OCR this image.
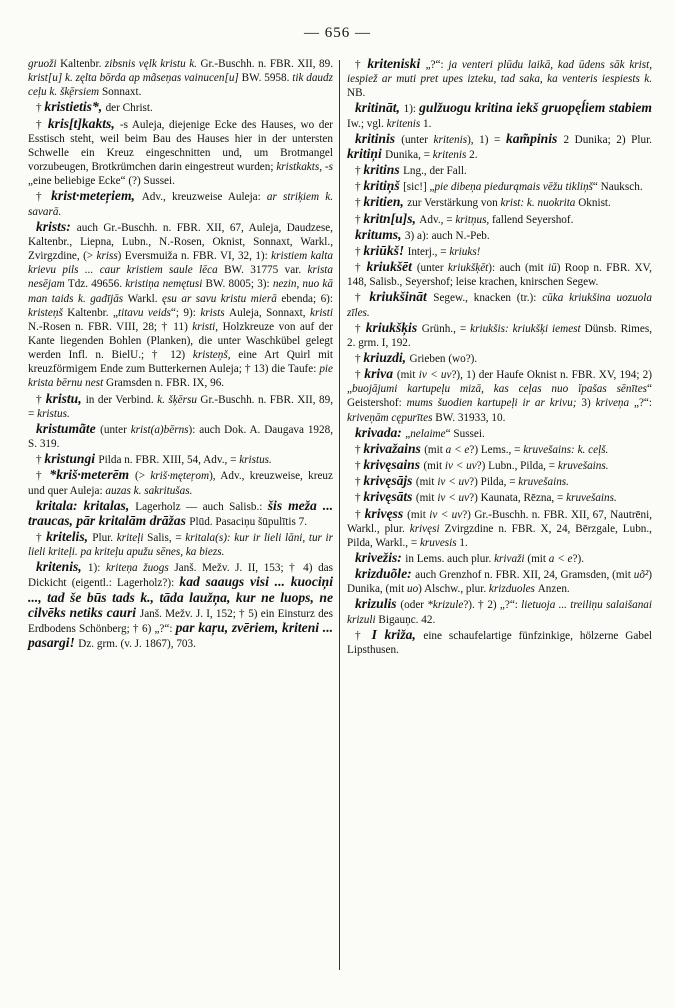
— 656 —

gruoži Kaltenbr. zibsnis vęlk kristu k. Gr.-Buschh. n. FBR. XII, 89. krist[u] k. zęlta bōrda ap mãseņas vainucen[u] BW. 5958. tik daudz ceļu k. šk̦ērsiem Sonnaxt.

† kristietis*, der Christ.

† kris[t]kakts, -s Auleja, diejenige Ecke des Hauses, wo der Esstisch steht, weil beim Bau des Hauses hier in der untersten Schwelle ein Kreuz eingeschnitten und, um Brotmangel vorzubeugen, Brotkrümchen darin eingestreut wurden; kristkakts, -s „eine beliebige Ecke“ (?) Sussei.

† krist·meteŗiem, Adv., kreuzweise Auleja: ar striķiem k. savarā.

krists: auch Gr.-Buschh. n. FBR. XII, 67, Auleja, Daudzese, Kaltenbr., Liepna, Lubn., N.-Rosen, Oknist, Sonnaxt, Warkl., Zvirgzdine, (> kriss) Eversmuiža n. FBR. VI, 32, 1): kristiem kalta krievu pils ... caur kristiem saule lēca BW. 31775 var. krista nesējam Tdz. 49656. kristiņa nemętusi BW. 8005; 3): nezin, nuo kā man taids k. gadījās Warkl. ęsu ar savu kristu mierā ebenda; 6): kristeņš Kaltenbr. „titavu veids“; 9): krists Auleja, Sonnaxt, kristi N.-Rosen n. FBR. VIII, 28; † 11) kristi, Holzkreuze von auf der Kante liegenden Bohlen (Planken), die unter Waschkübel gelegt werden Infl. n. BielU.; † 12) kristeņš, eine Art Quirl mit kreuzförmigem Ende zum Butterkernen Auleja; † 13) die Taufe: pie krista bērnu nest Gramsden n. FBR. IX, 96.

† kristu, in der Verbind. k. šķērsu Gr.-Buschh. n. FBR. XII, 89, = kristus.

kristumãte (unter krist(a)bērns): auch Dok. A. Daugava 1928, S. 319.

† kristungi Pilda n. FBR. XIII, 54, Adv., = kristus.

† *kriš·meterēm (> kriš·męteŗom), Adv., kreuzweise, kreuz und quer Auleja: auzas k. sakritušas.

kritala: kritalas, Lagerholz — auch Salisb.: šis meža ... traucas, pār kritalām drāžas Plūd. Pasaciņu šūpulītis 7.

† kritelis, Plur. kriteļi Salis, = kritala(s): kur ir lieli lāni, tur ir lieli kriteļi. pa kriteļu apužu sēnes, ka biezs.

kritenis, 1): kriteņa žuogs Janš. Mežv. J. II, 153; † 4) das Dickicht (eigentl.: Lagerholz?): kad saaugs visi ... kuociņi ..., tad še būs tads k., tāda laužņa, kur ne luops, ne cilvēks netiks cauri Janš. Mežv. J. I, 152; † 5) ein Einsturz des Erdbodens Schönberg; † 6) „?“: par kaŗu, zvēriem, kriteni ... pasargi! Dz. grm. (v. J. 1867), 703.

† kriteniski „?“: ja venteri plūdu laikā, kad ūdens sāk krist, iespiež ar muti pret upes izteku, tad saka, ka venteris iespiests k. NB.

kritināt, 1): gulžuogu kritina iekš gruopęĺiem stabiem Iw.; vgl. kritenis 1.

kritinis (unter kritenis), 1) = kam̃pinis 2 Dunika; 2) Plur. kritiņi Dunika, = kritenis 2.

† kritins Lng., der Fall.

† kritiņš [sic!] „pie dibeņa piedurąmais vēžu tikliņš“ Nauksch.

† kritien, zur Verstärkung von krist: k. nuokrita Oknist.

† kritn[u]s, Adv., = kritņus, fallend Seyershof.

kritums, 3) a): auch N.-Peb.

† kriūkš! Interj., = kriuks!

† kriukšēt (unter kriukšķēt): auch (mit iū) Roop n. FBR. XV, 148, Salisb., Seyershof; leise krachen, knirschen Segew.

† kriukšināt Segew., knacken (tr.): cūka kriukšina uozuola zīles.

† kriukšķis Grünh., = kriukšis: kriukšķi iemest Dünsb. Rimes, 2. grm. I, 192.

† kriuzdi, Grieben (wo?).

† kriva (mit iv < uv?), 1) der Haufe Oknist n. FBR. XV, 194; 2) „buojājumi kartupeļu mizā, kas ceļas nuo ĭpašas sēnītes“ Geistershof: mums šuodien kartupeļi ir ar krivu; 3) kriveņa „?“: kriveņām cępurītes BW. 31933, 10.

krivada: „nelaime“ Sussei.

† krivažains (mit a < e?) Lems., = kruvešains: k. ceļš.

† krivęsains (mit iv < uv?) Lubn., Pilda, = kruvešains.

† krivęsājs (mit iv < uv?) Pilda, = kruvešains.

† krivęsāts (mit iv < uv?) Kaunata, Rēzna, = kruvešains.

† krivęss (mit iv < uv?) Gr.-Buschh. n. FBR. XII, 67, Nautrēni, Warkl., plur. krivęsi Zvirgzdine n. FBR. X, 24, Bērzgale, Lubn., Pilda, Warkl., = kruvesis 1.

krivežis: in Lems. auch plur. krivaži (mit a < e?).

krizduõle: auch Grenzhof n. FBR. XII, 24, Gramsden, (mit uõ²) Dunika, (mit uo) Alschw., plur. krizduoles Anzen.

krizulis (oder *krizule?). † 2) „?“: lietuoja ... treiliņu salaišanai krizuli Bigauņc. 42.

† I križa, eine schaufelartige fünfzinkige, hölzerne Gabel Lipsthusen.
